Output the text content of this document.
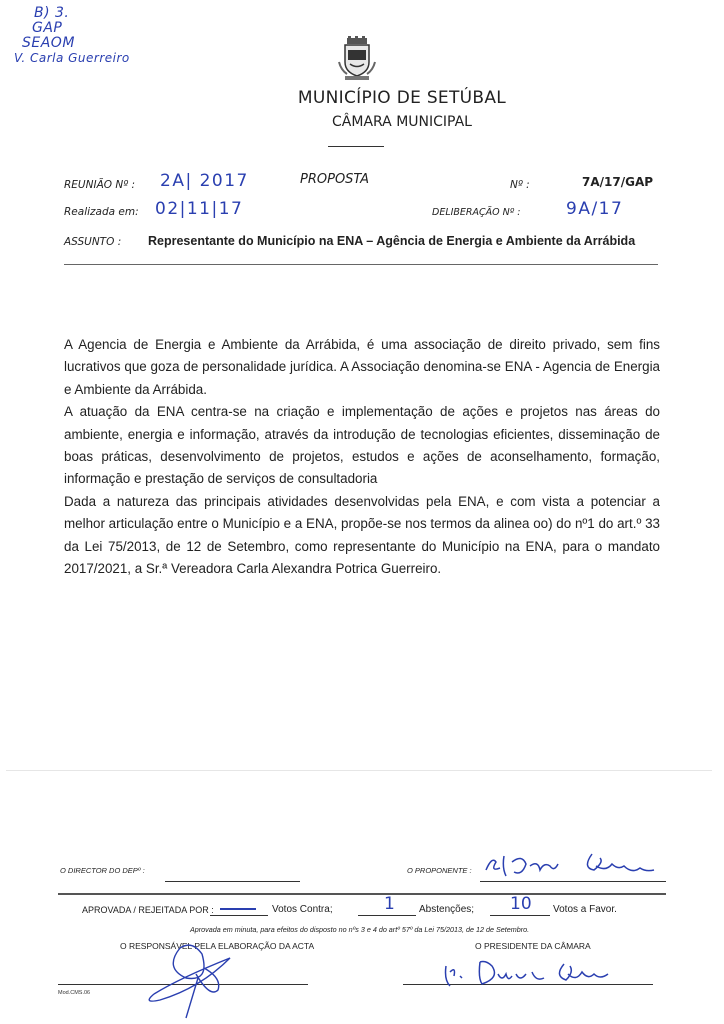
B) 3.
GAP
SEAOM
V. Carla Guerreiro
MUNICÍPIO DE SETÚBAL
CÂMARA MUNICIPAL
REUNIÃO Nº : 2A| 2017	PROPOSTA	Nº :	7A/17/GAP
Realizada em: 02|11|17	DELIBERAÇÃO Nº :	9A/17
ASSUNTO : Representante do Município na ENA – Agência de Energia e Ambiente da Arrábida

A Agencia de Energia e Ambiente da Arrábida, é uma associação de direito privado, sem fins lucrativos que goza de personalidade jurídica. A Associação denomina-se ENA - Agencia de Energia e Ambiente da Arrábida.

A atuação da ENA centra-se na criação e implementação de ações e projetos nas áreas do ambiente, energia e informação, através da introdução de tecnologias eficientes, disseminação de boas práticas, desenvolvimento de projetos, estudos e ações de aconselhamento, formação, informação e prestação de serviços de consultadoria

Dada a natureza das principais atividades desenvolvidas pela ENA, e com vista a potenciar a melhor articulação entre o Município e a ENA, propõe-se nos termos da alinea oo) do nº1 do art.º 33 da Lei 75/2013, de 12 de Setembro, como representante do Município na ENA, para o mandato 2017/2021, a Sr.ª Vereadora Carla Alexandra Potrica Guerreiro.

O DIRECTOR DO DEPº :	O PROPONENTE :
APROVADA / REJEITADA POR :	Votos Contra;	1 Abstenções; 10 Votos a Favor.
Aprovada em minuta, para efeitos do disposto no nºs 3 e 4 do artº 57º da Lei 75/2013, de 12 de Setembro.
O RESPONSÁVEL PELA ELABORAÇÃO DA ACTA	O PRESIDENTE DA CÂMARA
Mod.CMS.06
